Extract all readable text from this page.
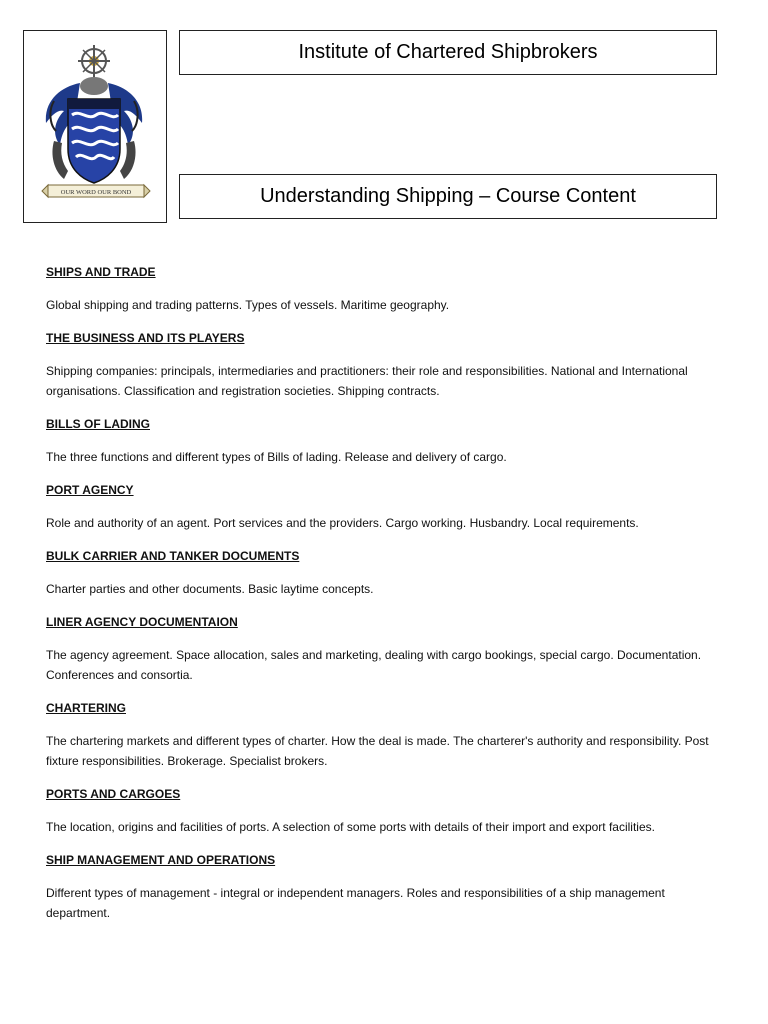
OUR WORD OUR BOND
Institute of Chartered Shipbrokers
Understanding Shipping – Course Content

SHIPS AND TRADE

Global shipping and trading patterns. Types of vessels. Maritime geography.

THE BUSINESS AND ITS PLAYERS

Shipping companies: principals, intermediaries and practitioners: their role and responsibilities. National and International organisations. Classification and registration societies. Shipping contracts.

BILLS OF LADING

The three functions and different types of Bills of lading. Release and delivery of cargo.

PORT AGENCY

Role and authority of an agent. Port services and the providers. Cargo working. Husbandry. Local requirements.

BULK CARRIER AND TANKER DOCUMENTS

Charter parties and other documents. Basic laytime concepts.

LINER AGENCY DOCUMENTAION

The agency agreement. Space allocation, sales and marketing, dealing with cargo bookings, special cargo. Documentation. Conferences and consortia.

CHARTERING

The chartering markets and different types of charter. How the deal is made. The charterer's authority and responsibility. Post fixture responsibilities. Brokerage. Specialist brokers.

PORTS AND CARGOES

The location, origins and facilities of ports. A selection of some ports with details of their import and export facilities.

SHIP MANAGEMENT AND OPERATIONS

Different types of management - integral or independent managers. Roles and responsibilities of a ship management department.
